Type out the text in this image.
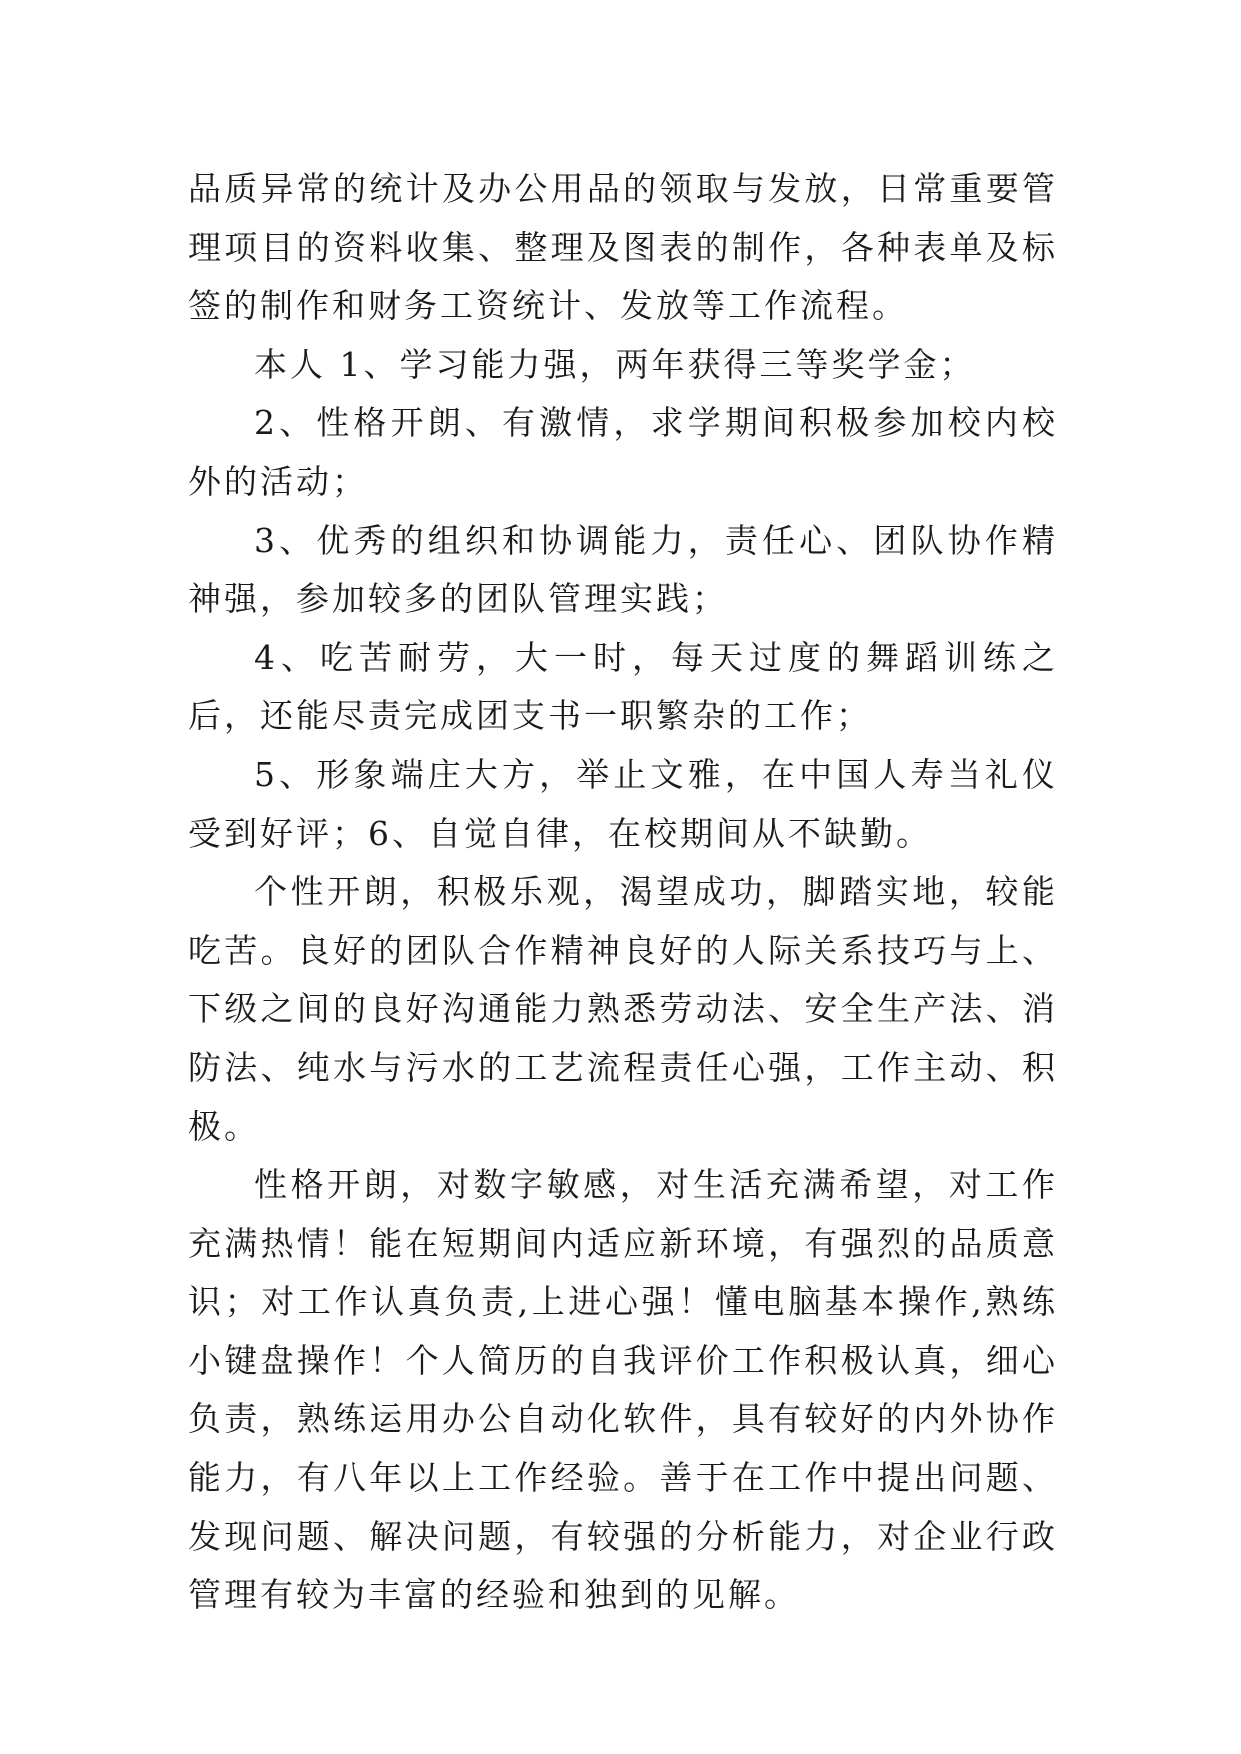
品质异常的统计及办公用品的领取与发放，日常重要管理项目的资料收集、整理及图表的制作，各种表单及标签的制作和财务工资统计、发放等工作流程。

本人 1、学习能力强，两年获得三等奖学金；

2、性格开朗、有激情，求学期间积极参加校内校外的活动；

3、优秀的组织和协调能力，责任心、团队协作精神强，参加较多的团队管理实践；

4、吃苦耐劳，大一时，每天过度的舞蹈训练之后，还能尽责完成团支书一职繁杂的工作；

5、形象端庄大方，举止文雅，在中国人寿当礼仪受到好评；6、自觉自律，在校期间从不缺勤。

个性开朗，积极乐观，渴望成功，脚踏实地，较能吃苦。良好的团队合作精神良好的人际关系技巧与上、下级之间的良好沟通能力熟悉劳动法、安全生产法、消防法、纯水与污水的工艺流程责任心强，工作主动、积极。

性格开朗，对数字敏感，对生活充满希望，对工作充满热情！能在短期间内适应新环境，有强烈的品质意识；对工作认真负责,上进心强！懂电脑基本操作,熟练小键盘操作！个人简历的自我评价工作积极认真，细心负责，熟练运用办公自动化软件，具有较好的内外协作能力，有八年以上工作经验。善于在工作中提出问题、发现问题、解决问题，有较强的分析能力，对企业行政管理有较为丰富的经验和独到的见解。
